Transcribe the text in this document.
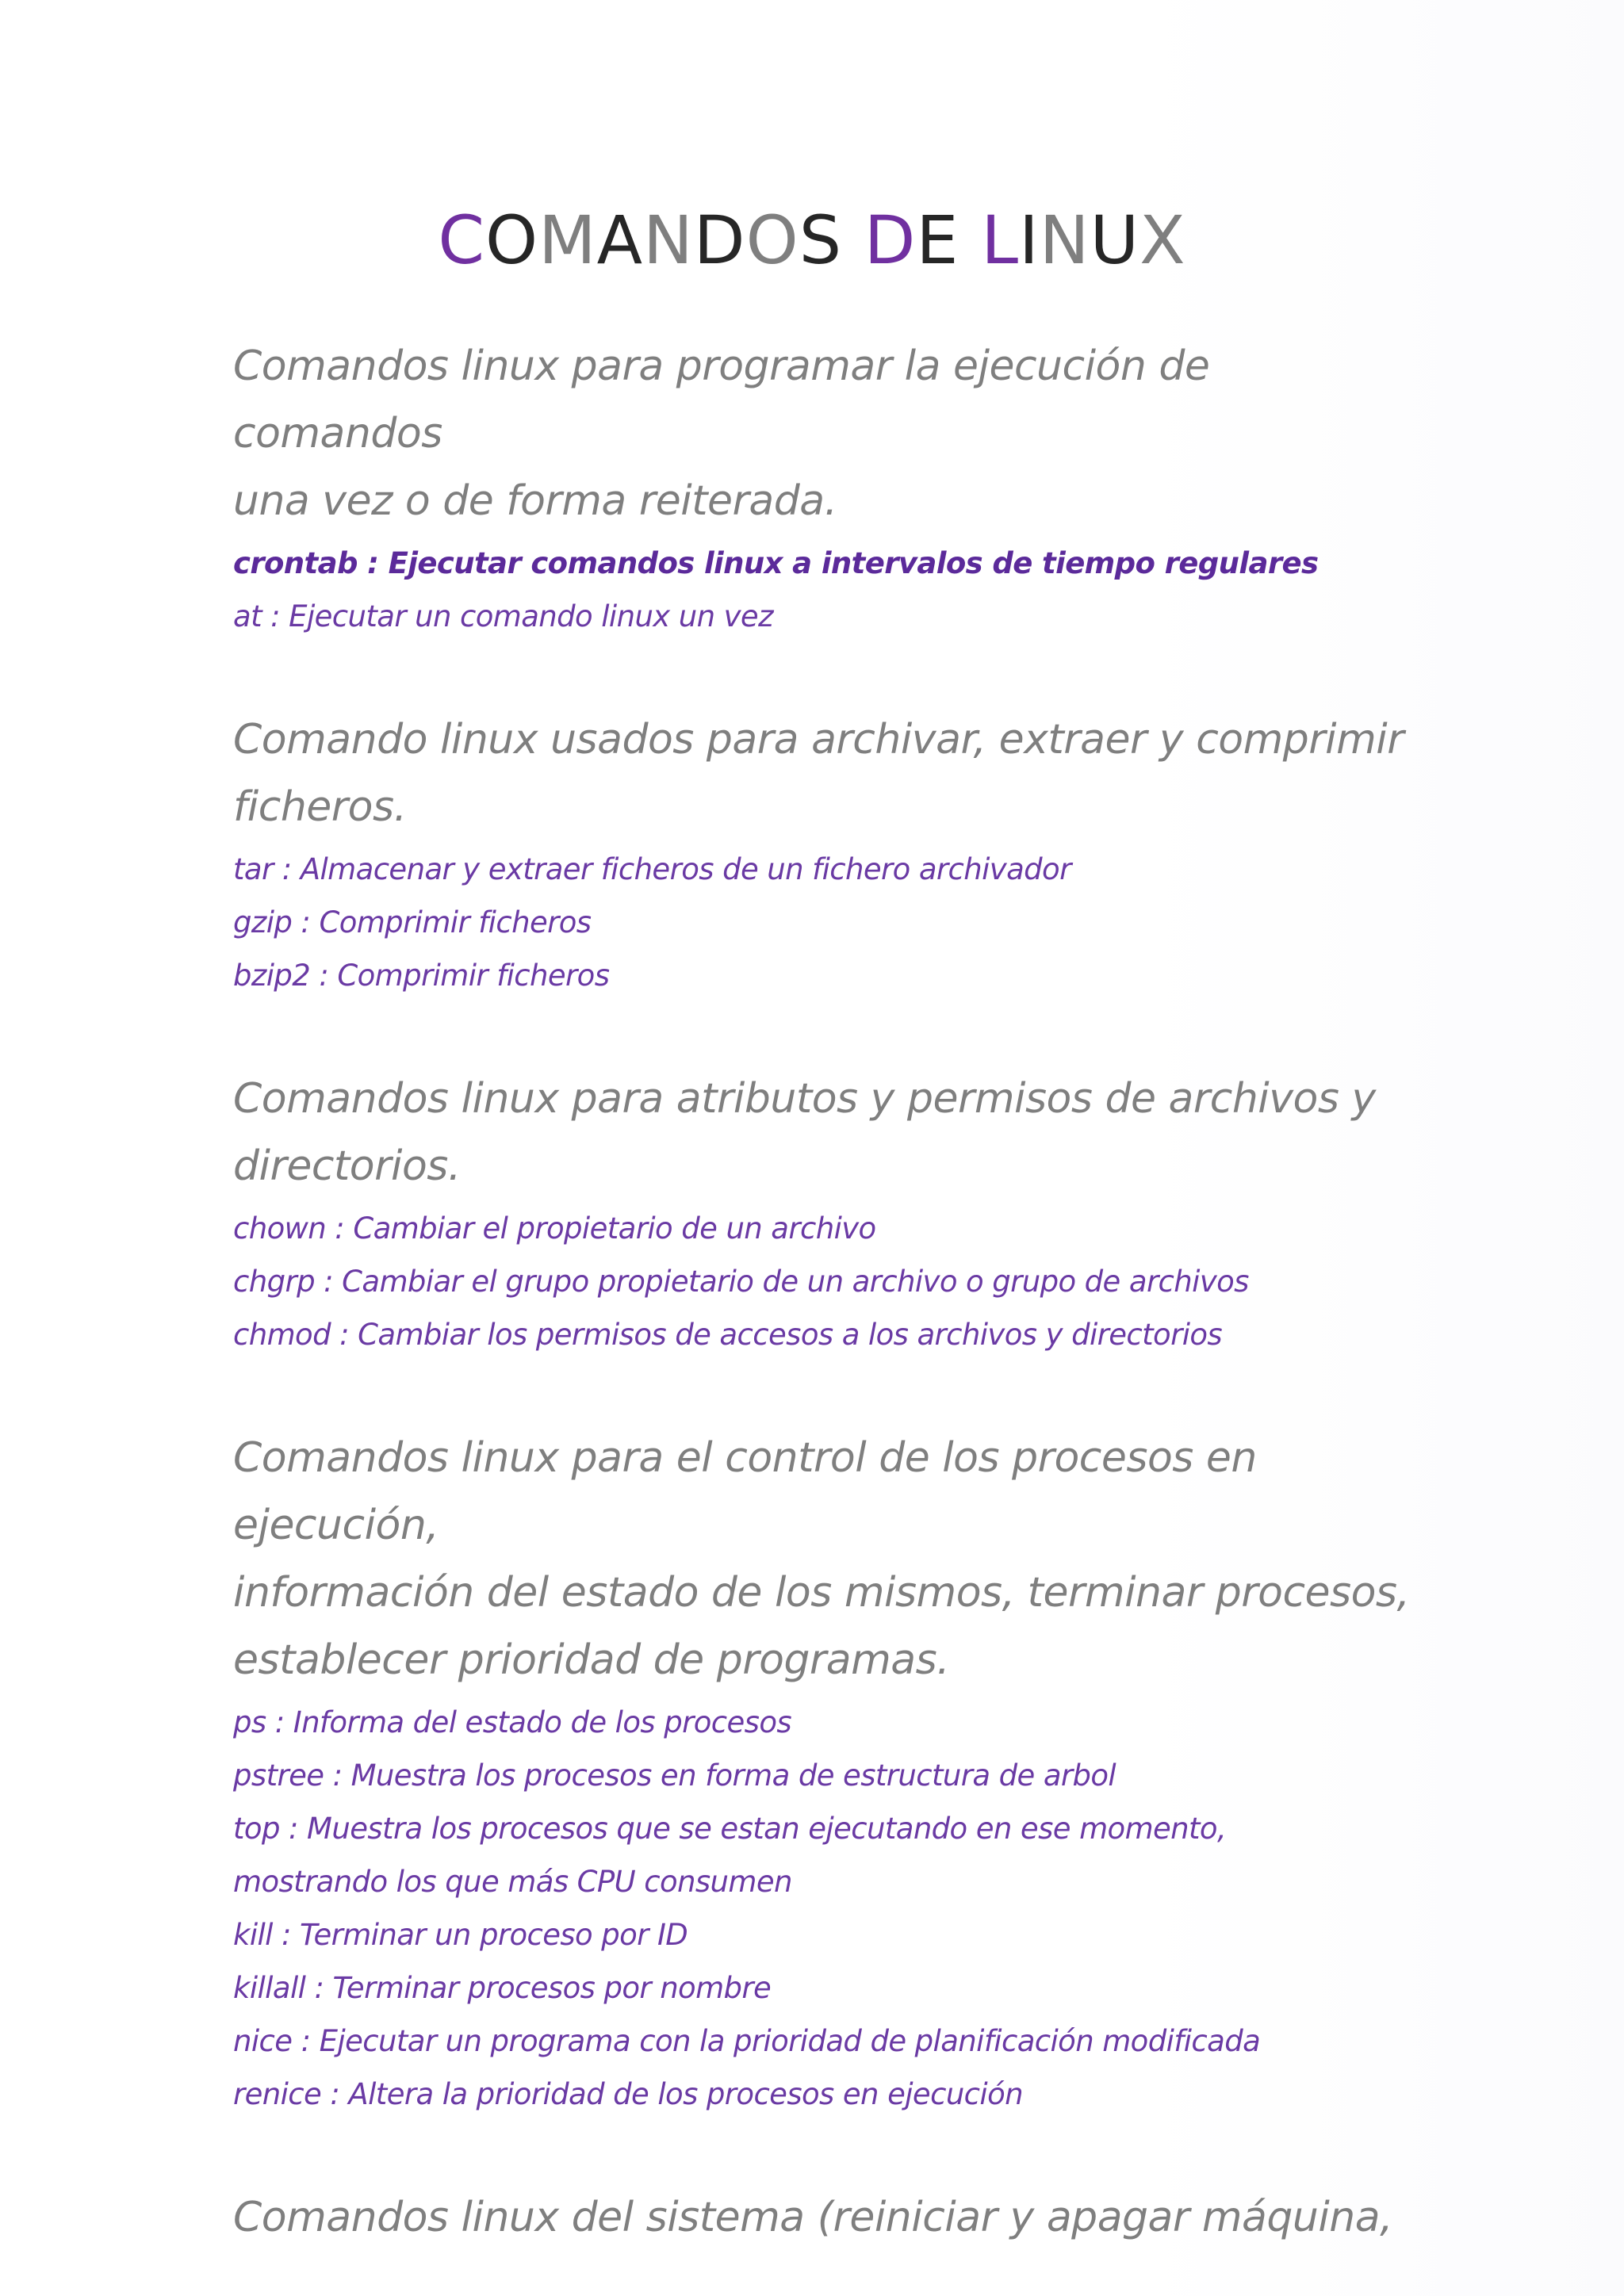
COMANDOS DE LINUX

Comandos linux para programar la ejecución de comandos

una vez o de forma reiterada.

crontab : Ejecutar comandos linux a intervalos de tiempo regulares

at : Ejecutar un comando linux un vez

Comando linux usados para archivar, extraer y comprimir

ficheros.

tar : Almacenar y extraer ficheros de un fichero archivador

gzip : Comprimir ficheros

bzip2 : Comprimir ficheros

Comandos linux para atributos y permisos de archivos y

directorios.

chown : Cambiar el propietario de un archivo

chgrp : Cambiar el grupo propietario de un archivo o grupo de archivos

chmod : Cambiar los permisos de accesos a los archivos y directorios

Comandos linux para el control de los procesos en ejecución,

información del estado de los mismos, terminar procesos,

establecer prioridad de programas.

ps : Informa del estado de los procesos

pstree : Muestra los procesos en forma de estructura de arbol

top : Muestra los procesos que se estan ejecutando en ese momento,

mostrando los que más CPU consumen

kill : Terminar un proceso por ID

killall : Terminar procesos por nombre

nice : Ejecutar un programa con la prioridad de planificación modificada

renice : Altera la prioridad de los procesos en ejecución

Comandos linux del sistema (reiniciar y apagar máquina,
